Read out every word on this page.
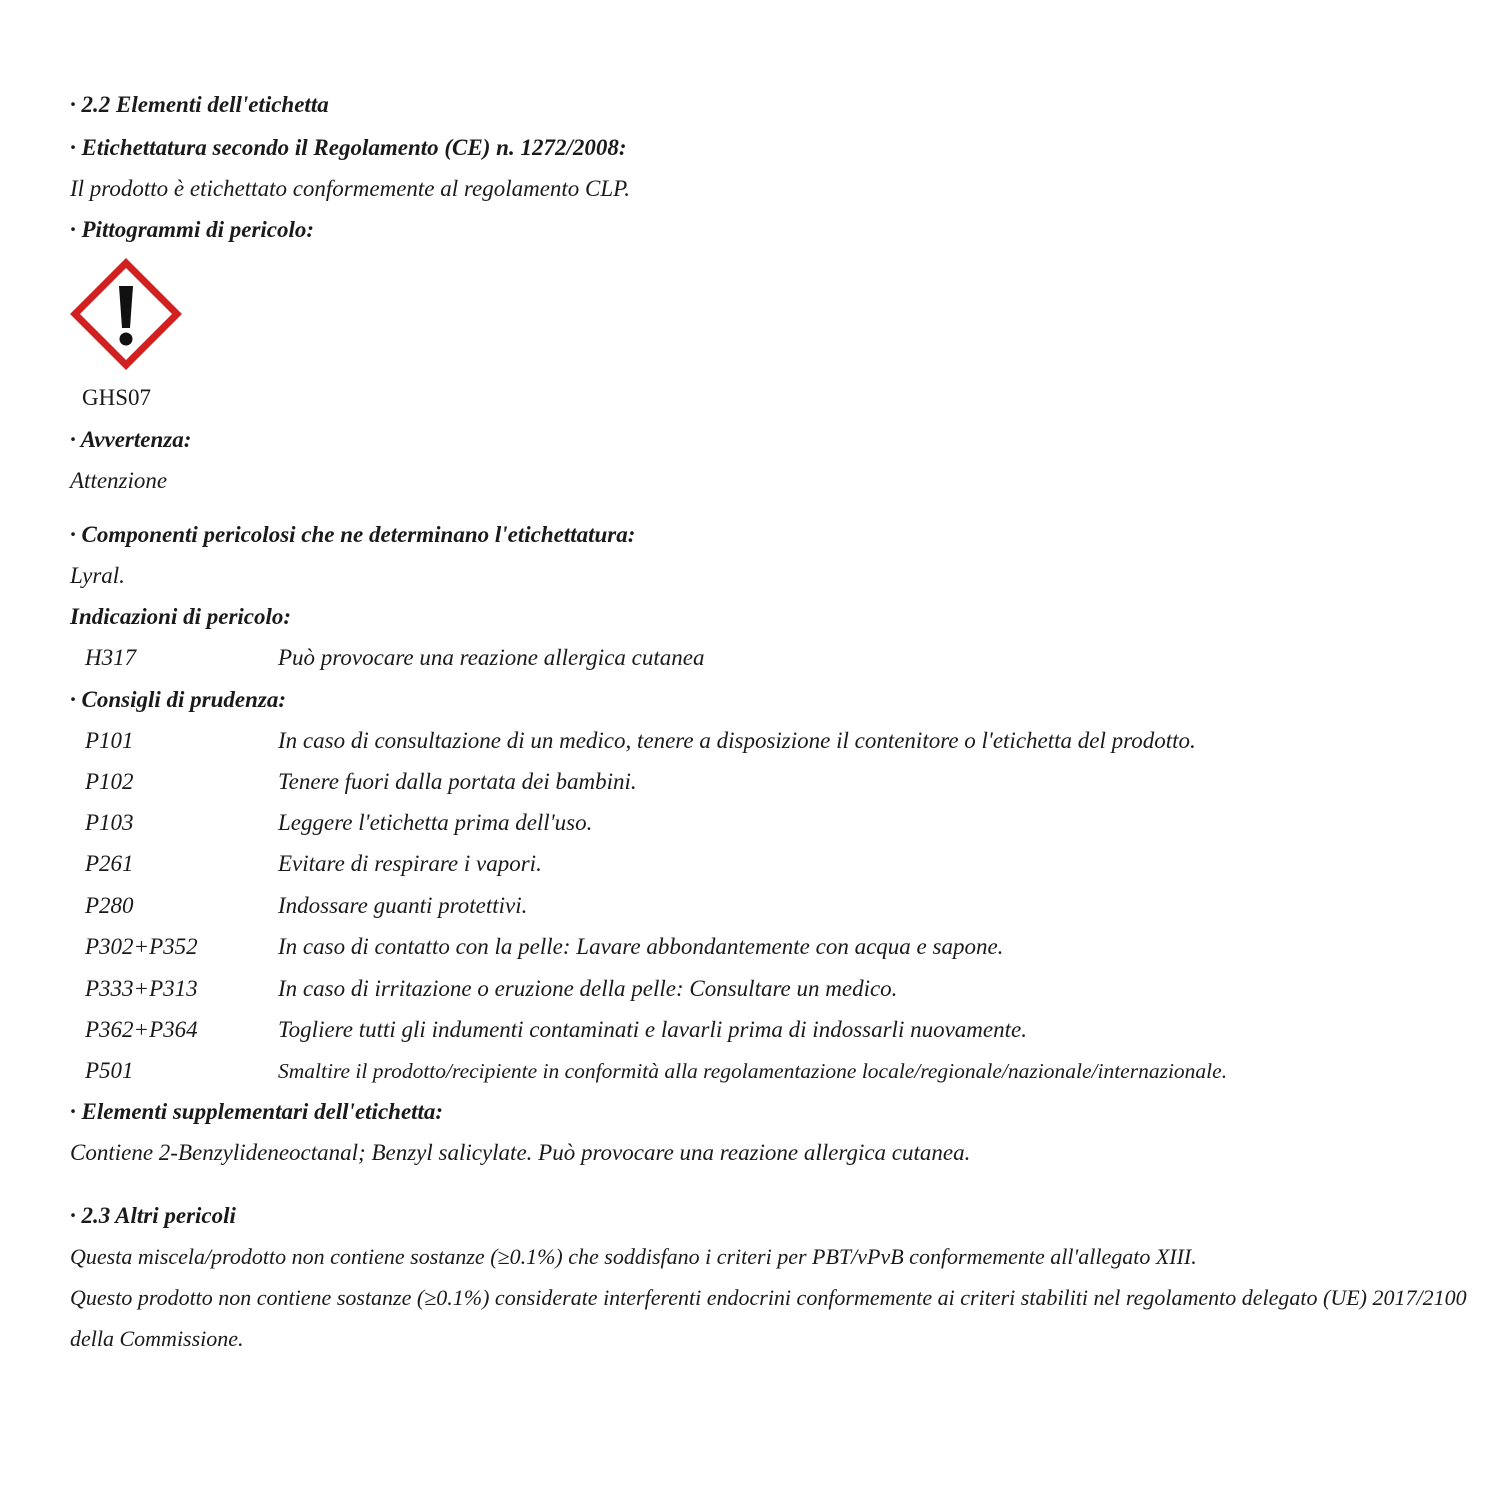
· 2.2 Elementi dell'etichetta
· Etichettatura secondo il Regolamento (CE) n. 1272/2008:
Il prodotto è etichettato conformemente al regolamento CLP.
· Pittogrammi di pericolo:
GHS07
· Avvertenza:
Attenzione
· Componenti pericolosi che ne determinano l'etichettatura:
Lyral.
Indicazioni di pericolo:
H317	Può provocare una reazione allergica cutanea
· Consigli di prudenza:
P101	In caso di consultazione di un medico, tenere a disposizione il contenitore o l'etichetta del prodotto.
P102	Tenere fuori dalla portata dei bambini.
P103	Leggere l'etichetta prima dell'uso.
P261	Evitare di respirare i vapori.
P280	Indossare guanti protettivi.
P302+P352	In caso di contatto con la pelle: Lavare abbondantemente con acqua e sapone.
P333+P313	In caso di irritazione o eruzione della pelle: Consultare un medico.
P362+P364	Togliere tutti gli indumenti contaminati e lavarli prima di indossarli nuovamente.
P501	Smaltire il prodotto/recipiente in conformità alla regolamentazione locale/regionale/nazionale/internazionale.
· Elementi supplementari dell'etichetta:
Contiene 2-Benzylideneoctanal; Benzyl salicylate. Può provocare una reazione allergica cutanea.
· 2.3 Altri pericoli
Questa miscela/prodotto non contiene sostanze (≥0.1%) che soddisfano i criteri per PBT/vPvB conformemente all'allegato XIII.
Questo prodotto non contiene sostanze (≥0.1%) considerate interferenti endocrini conformemente ai criteri stabiliti nel regolamento delegato (UE) 2017/2100 della Commissione.
